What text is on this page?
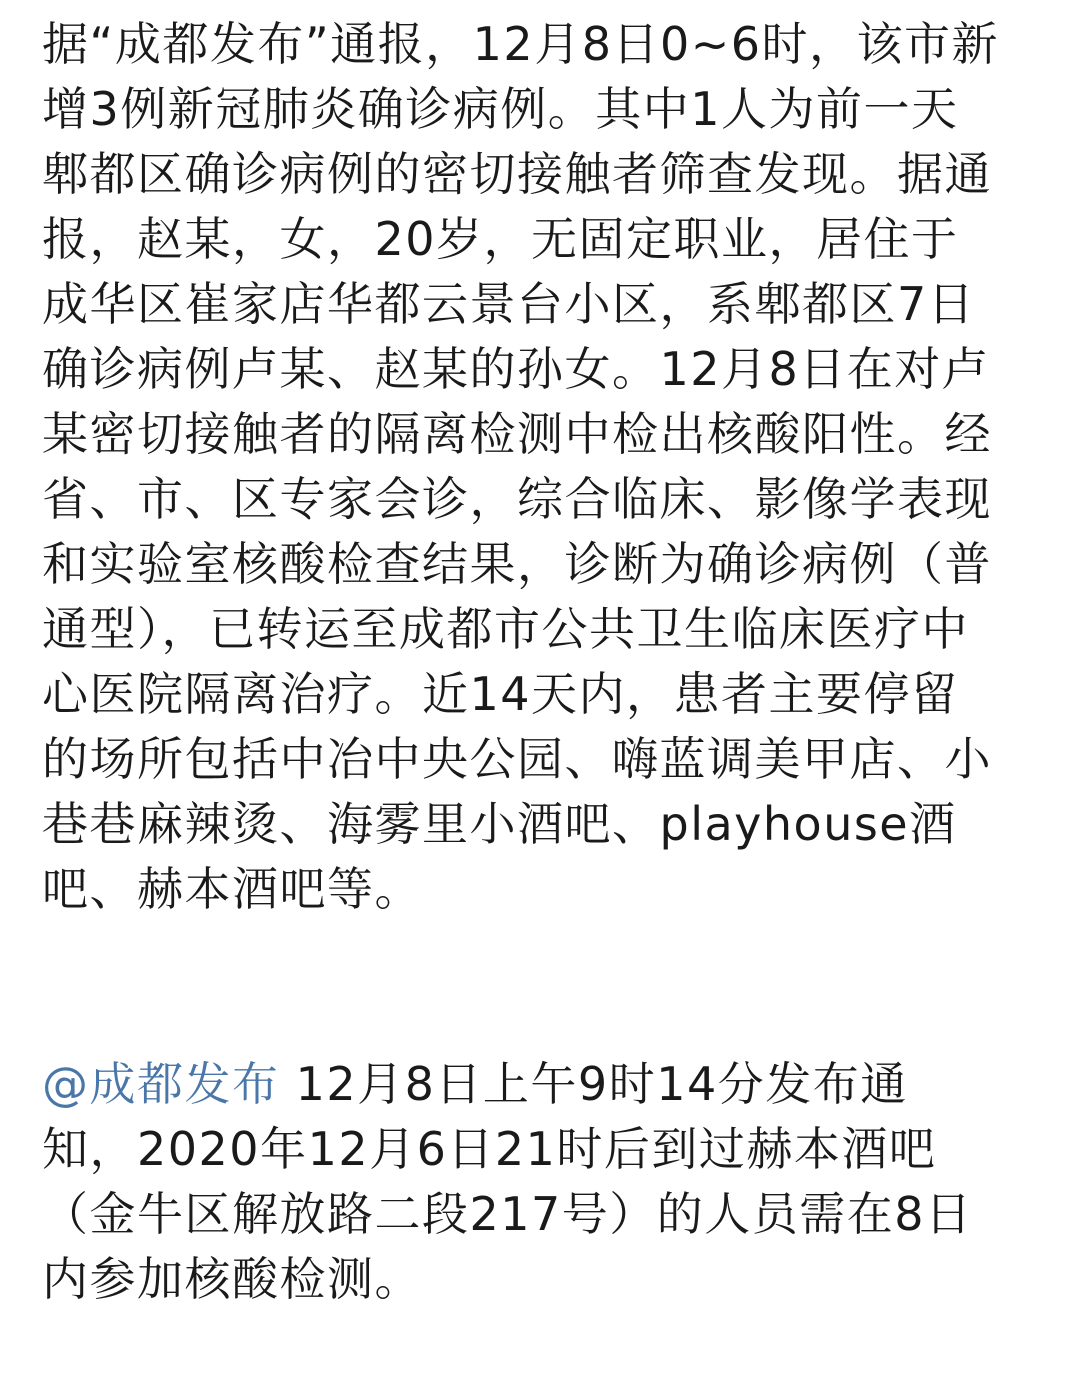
据“成都发布”通报，12月8日0~6时，该市新
增3例新冠肺炎确诊病例。其中1人为前一天
郫都区确诊病例的密切接触者筛查发现。据通
报，赵某，女，20岁，无固定职业，居住于
成华区崔家店华都云景台小区，系郫都区7日
确诊病例卢某、赵某的孙女。12月8日在对卢
某密切接触者的隔离检测中检出核酸阳性。经
省、市、区专家会诊，综合临床、影像学表现
和实验室核酸检查结果，诊断为确诊病例（普
通型），已转运至成都市公共卫生临床医疗中
心医院隔离治疗。近14天内，患者主要停留
的场所包括中冶中央公园、嗨蓝调美甲店、小
巷巷麻辣烫、海雾里小酒吧、playhouse酒
吧、赫本酒吧等。
@成都发布 12月8日上午9时14分发布通
知，2020年12月6日21时后到过赫本酒吧
（金牛区解放路二段217号）的人员需在8日
内参加核酸检测。
